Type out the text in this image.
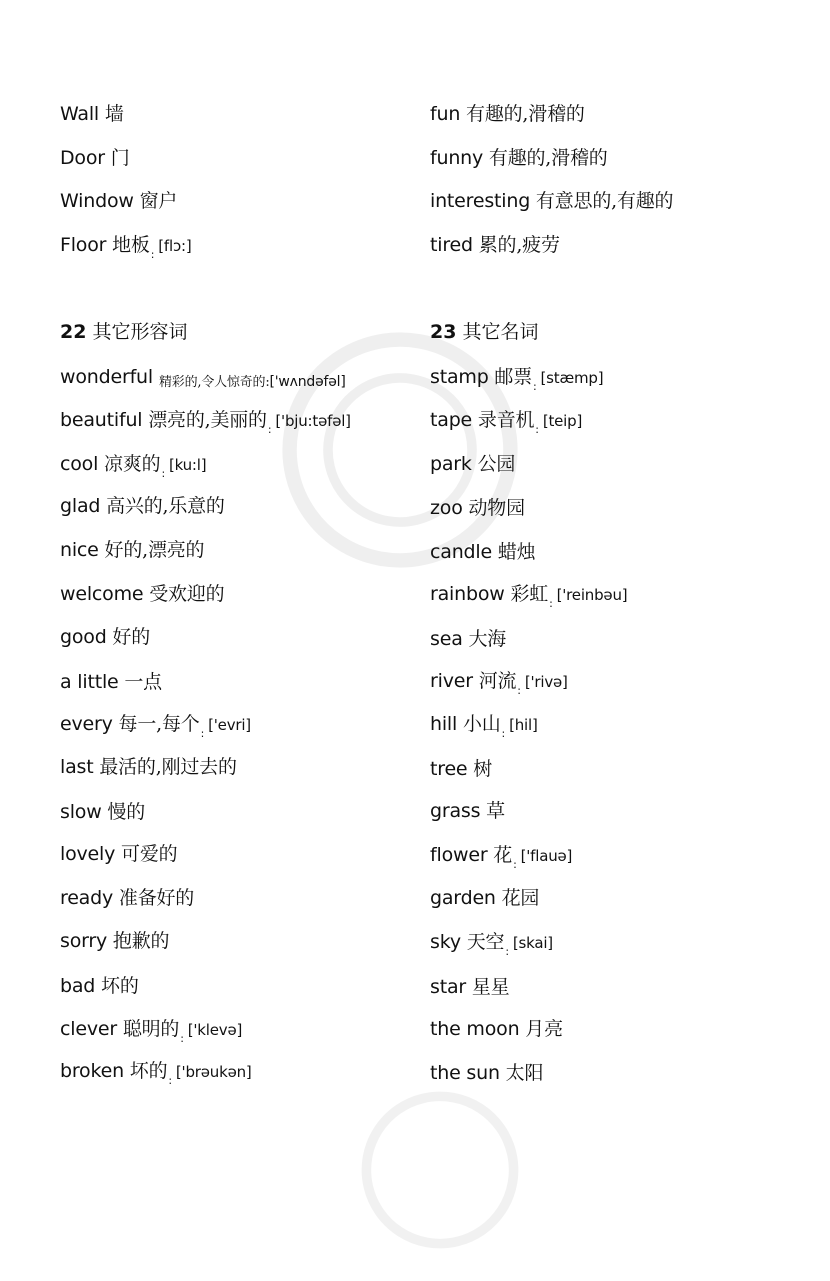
Wall 墙
Door 门
Window 窗户
Floor 地板$_:$ [flɔ:]
22 其它形容词
wonderful 精彩的,令人惊奇的:['wʌndəfəl]
beautiful 漂亮的,美丽的$_:$ ['bju:təfəl]
cool 凉爽的$_:$ [ku:l]
glad 高兴的,乐意的
nice 好的,漂亮的
welcome 受欢迎的
good 好的
a little 一点
every 每一,每个$_:$ ['evri]
last 最活的,刚过去的
slow 慢的
lovely 可爱的
ready 准备好的
sorry 抱歉的
bad 坏的
clever 聪明的$_:$ ['klevə]
broken 坏的$_:$ ['brəukən]
fun 有趣的,滑稽的
funny 有趣的,滑稽的
interesting 有意思的,有趣的
tired 累的,疲劳
23 其它名词
stamp 邮票$_:$ [stæmp]
tape 录音机$_:$ [teip]
park 公园
zoo 动物园
candle 蜡烛
rainbow 彩虹$_:$ ['reinbəu]
sea 大海
river 河流$_:$ ['rivə]
hill 小山$_:$ [hil]
tree 树
grass 草
flower 花$_:$ ['flauə]
garden 花园
sky 天空$_:$ [skai]
star 星星
the moon 月亮
the sun 太阳
